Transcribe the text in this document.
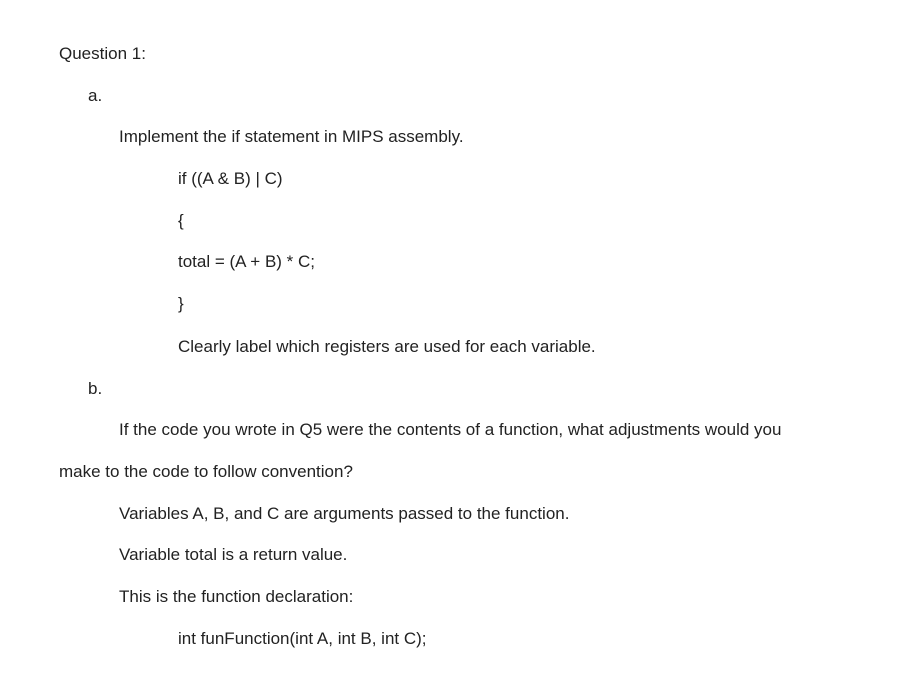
Question 1:
a.
Implement the if statement in MIPS assembly.
if ((A & B) | C)
{
total = (A + B) * C;
}
Clearly label which registers are used for each variable.
b.
If the code you wrote in Q5 were the contents of a function, what adjustments would you
make to the code to follow convention?
Variables A, B, and C are arguments passed to the function.
Variable total is a return value.
This is the function declaration:
int funFunction(int A, int B, int C);
